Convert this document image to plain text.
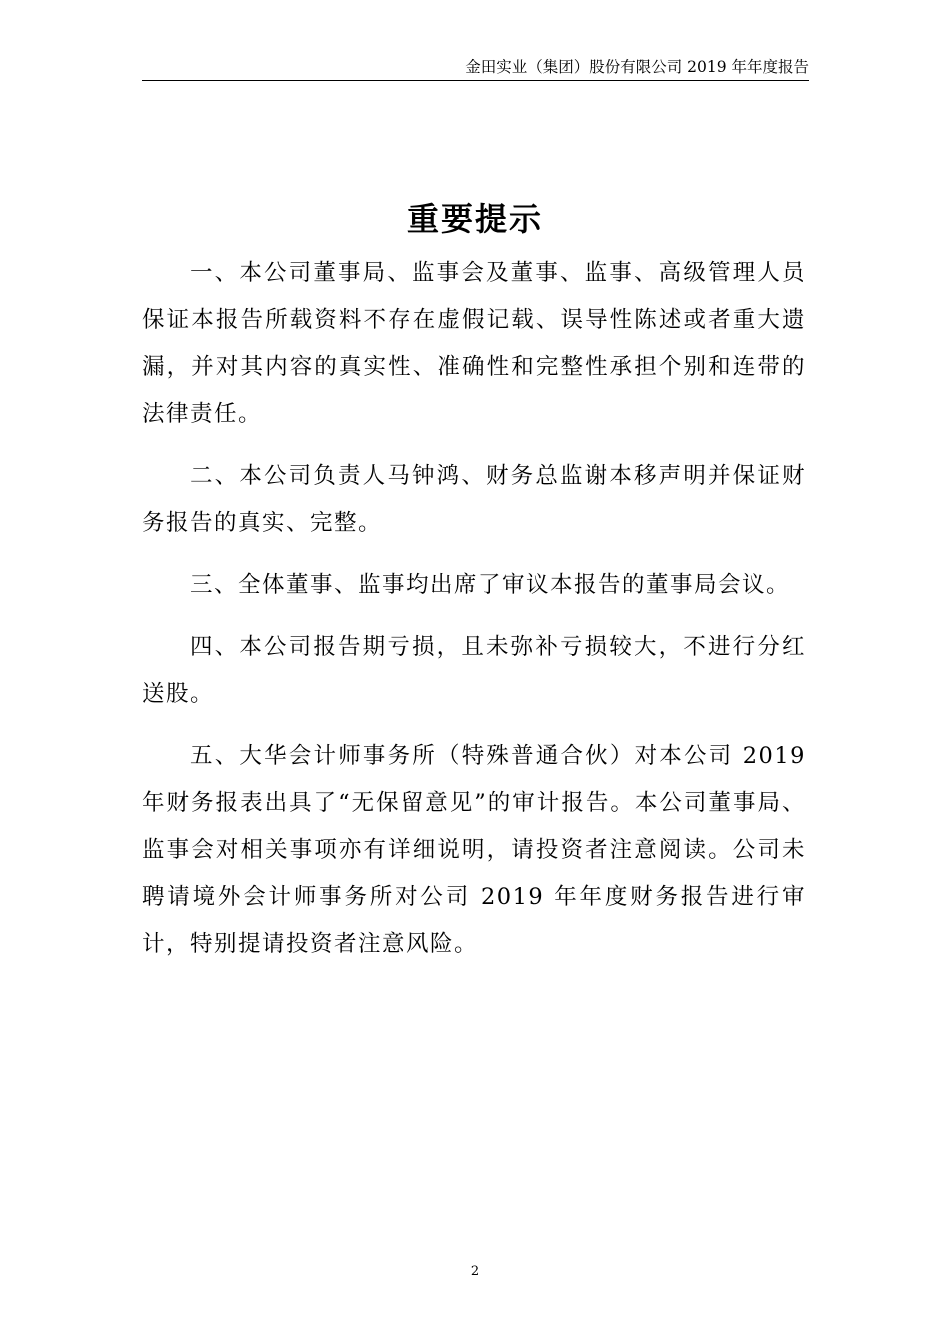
金田实业（集团）股份有限公司 2019 年年度报告
重要提示

一、本公司董事局、监事会及董事、监事、高级管理人员保证本报告所载资料不存在虚假记载、误导性陈述或者重大遗漏，并对其内容的真实性、准确性和完整性承担个别和连带的法律责任。

二、本公司负责人马钟鸿、财务总监谢本移声明并保证财务报告的真实、完整。

三、全体董事、监事均出席了审议本报告的董事局会议。

四、本公司报告期亏损，且未弥补亏损较大，不进行分红送股。

五、大华会计师事务所（特殊普通合伙）对本公司 2019 年财务报表出具了“无保留意见”的审计报告。本公司董事局、监事会对相关事项亦有详细说明，请投资者注意阅读。公司未聘请境外会计师事务所对公司 2019 年年度财务报告进行审计，特别提请投资者注意风险。

2
